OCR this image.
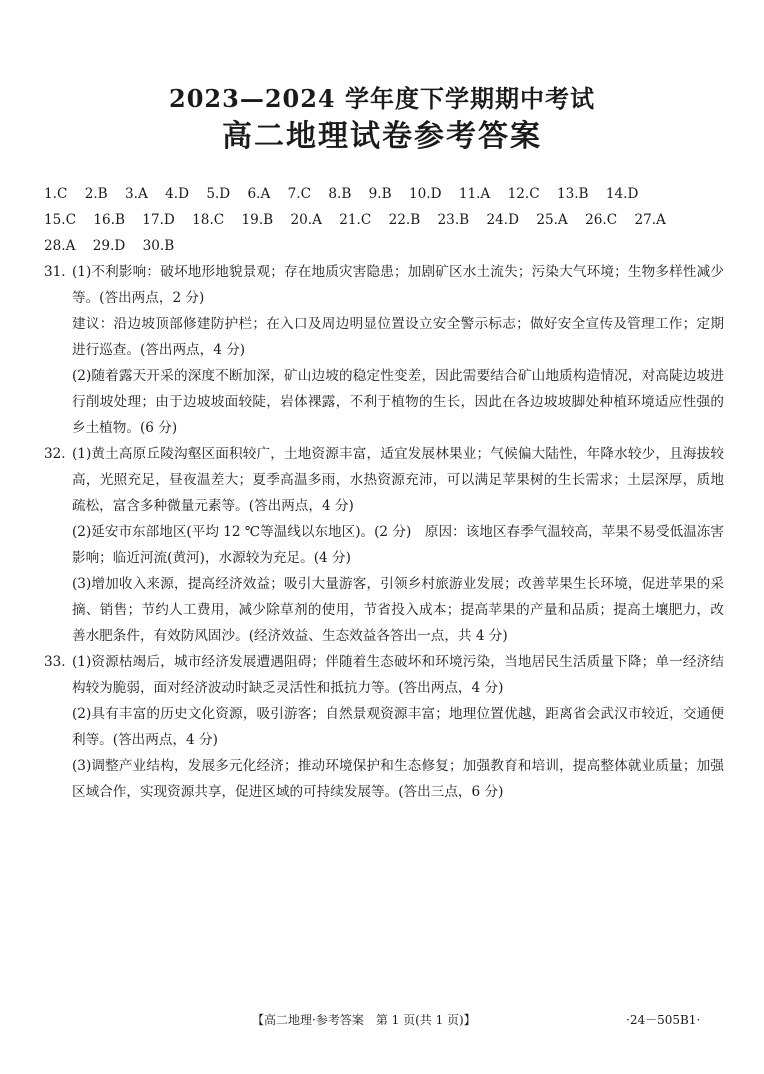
2023—2024 学年度下学期期中考试
高二地理试卷参考答案
1.C 2.B 3.A 4.D 5.D 6.A 7.C 8.B 9.B 10.D 11.A 12.C 13.B 14.D
15.C 16.B 17.D 18.C 19.B 20.A 21.C 22.B 23.B 24.D 25.A 26.C 27.A
28.A 29.D 30.B
31. (1)不利影响：破坏地形地貌景观；存在地质灾害隐患；加剧矿区水土流失；污染大气环境；生物多样性减少等。(答出两点，2 分)

建议：沿边坡顶部修建防护栏；在入口及周边明显位置设立安全警示标志；做好安全宣传及管理工作；定期进行巡查。(答出两点，4 分)

(2)随着露天开采的深度不断加深，矿山边坡的稳定性变差，因此需要结合矿山地质构造情况，对高陡边坡进行削坡处理；由于边坡坡面较陡，岩体裸露，不利于植物的生长，因此在各边坡坡脚处种植环境适应性强的乡土植物。(6 分)

32. (1)黄土高原丘陵沟壑区面积较广，土地资源丰富，适宜发展林果业；气候偏大陆性，年降水较少，且海拔较高，光照充足，昼夜温差大；夏季高温多雨，水热资源充沛，可以满足苹果树的生长需求；土层深厚，质地疏松，富含多种微量元素等。(答出两点，4 分)

(2)延安市东部地区(平均 12 ℃等温线以东地区)。(2 分)　原因：该地区春季气温较高，苹果不易受低温冻害影响；临近河流(黄河)，水源较为充足。(4 分)

(3)增加收入来源，提高经济效益；吸引大量游客，引领乡村旅游业发展；改善苹果生长环境，促进苹果的采摘、销售；节约人工费用，减少除草剂的使用，节省投入成本；提高苹果的产量和品质；提高土壤肥力，改善水肥条件，有效防风固沙。(经济效益、生态效益各答出一点，共 4 分)

33. (1)资源枯竭后，城市经济发展遭遇阻碍；伴随着生态破坏和环境污染，当地居民生活质量下降；单一经济结构较为脆弱，面对经济波动时缺乏灵活性和抵抗力等。(答出两点，4 分)

(2)具有丰富的历史文化资源，吸引游客；自然景观资源丰富；地理位置优越，距离省会武汉市较近，交通便利等。(答出两点，4 分)

(3)调整产业结构，发展多元化经济；推动环境保护和生态修复；加强教育和培训，提高整体就业质量；加强区域合作，实现资源共享，促进区域的可持续发展等。(答出三点，6 分)

【高二地理·参考答案　第 1 页(共 1 页)】	·24－505B1·
